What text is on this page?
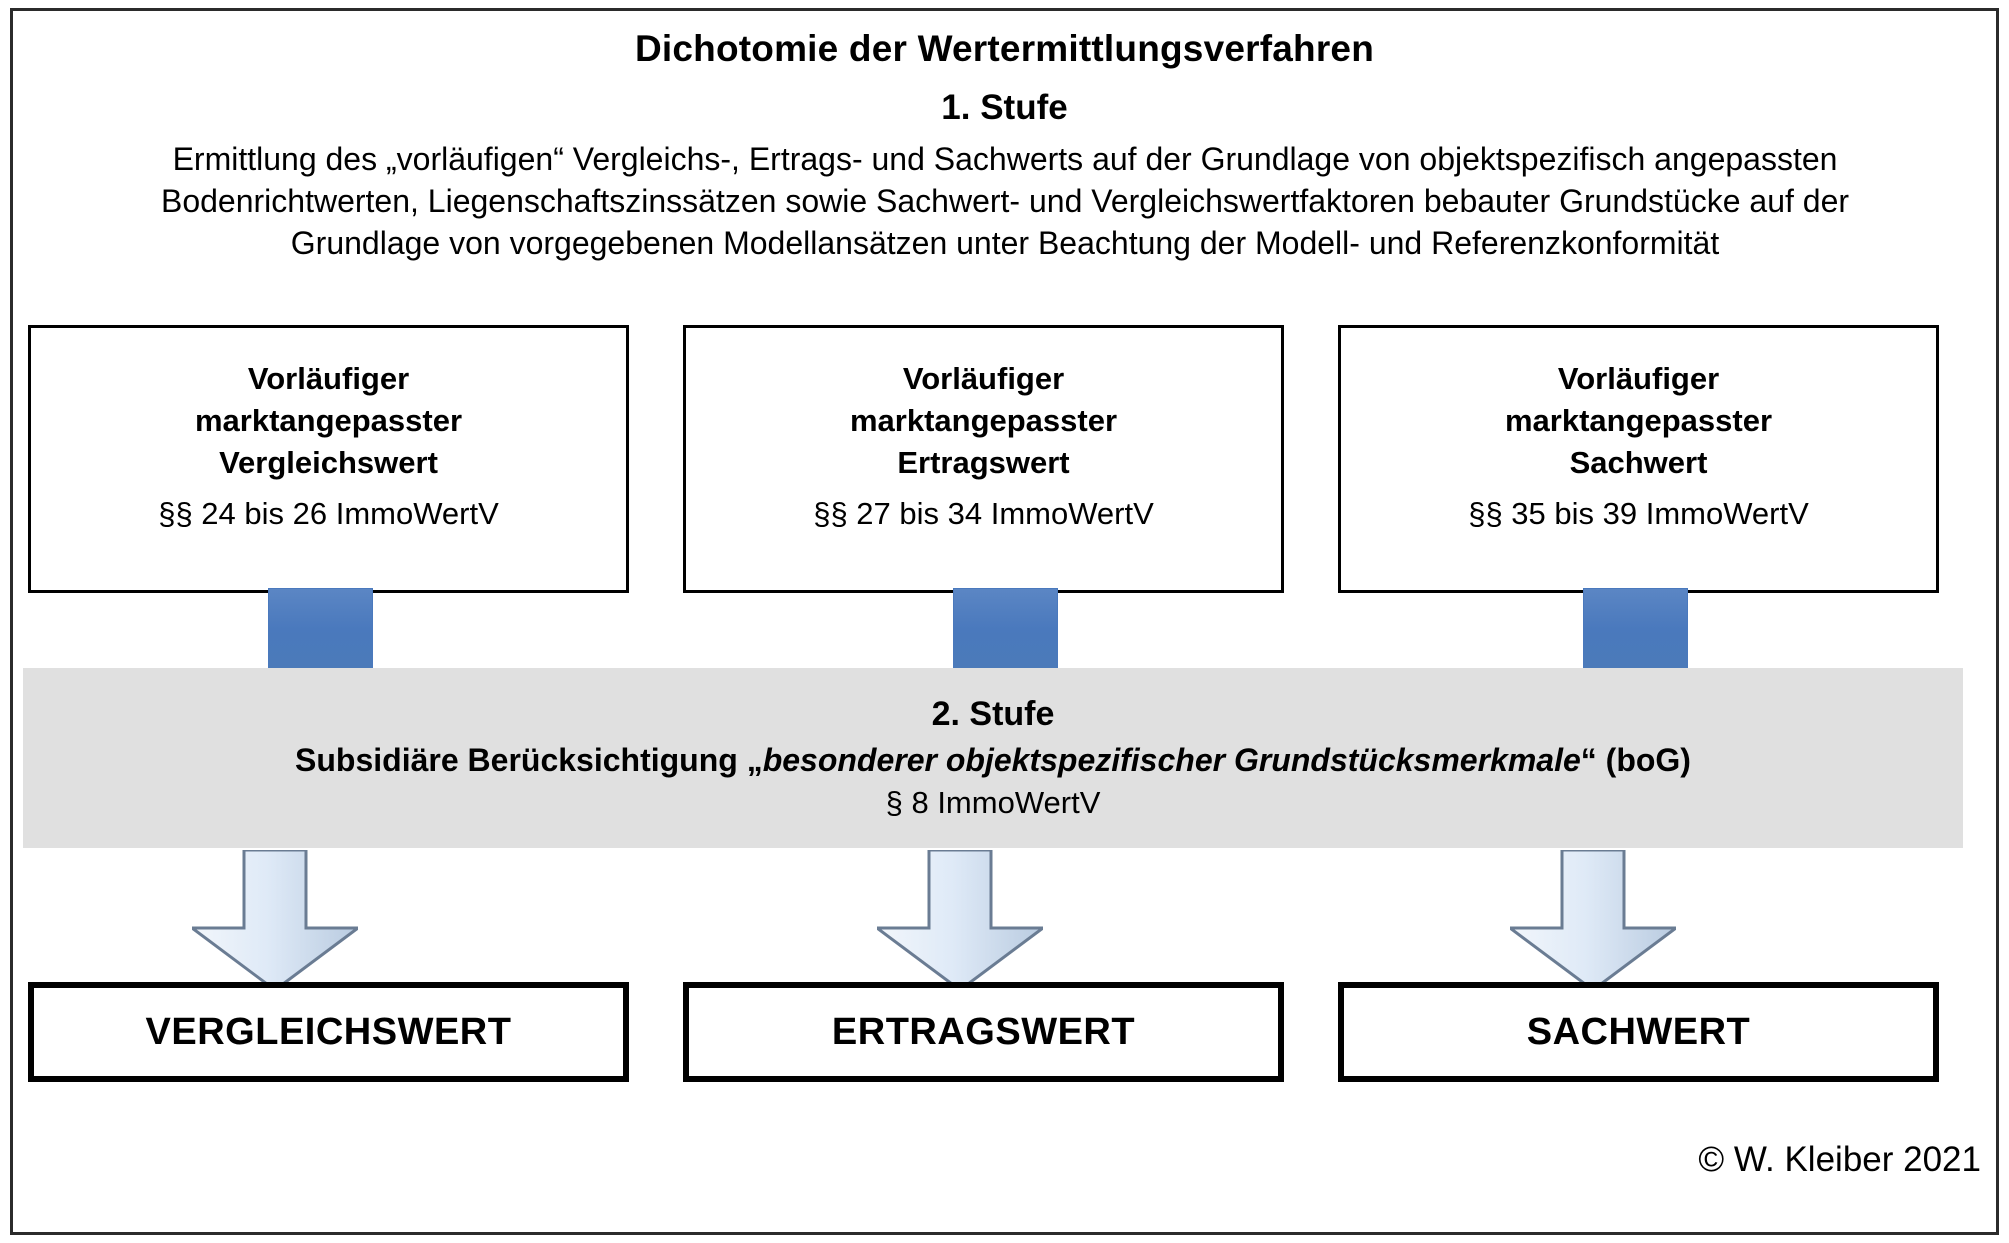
Dichotomie der Wertermittlungsverfahren
1. Stufe
Ermittlung des „vorläufigen“ Vergleichs-, Ertrags- und Sachwerts auf der Grundlage von objektspezifisch angepassten Bodenrichtwerten, Liegenschaftszinssätzen sowie Sachwert- und Vergleichswertfaktoren bebauter Grundstücke auf der Grundlage von vorgegebenen Modellansätzen unter Beachtung der Modell- und Referenzkonformität
Vorläufiger
marktangepasster
Vergleichswert
§§ 24 bis 26 ImmoWertV
Vorläufiger
marktangepasster
Ertragswert
§§ 27 bis 34 ImmoWertV
Vorläufiger
marktangepasster
Sachwert
§§ 35 bis 39 ImmoWertV
2. Stufe
Subsidiäre Berücksichtigung „besonderer objektspezifischer Grundstücksmerkmale“ (boG)
§ 8 ImmoWertV
VERGLEICHSWERT	ERTRAGSWERT	SACHWERT
© W. Kleiber 2021
